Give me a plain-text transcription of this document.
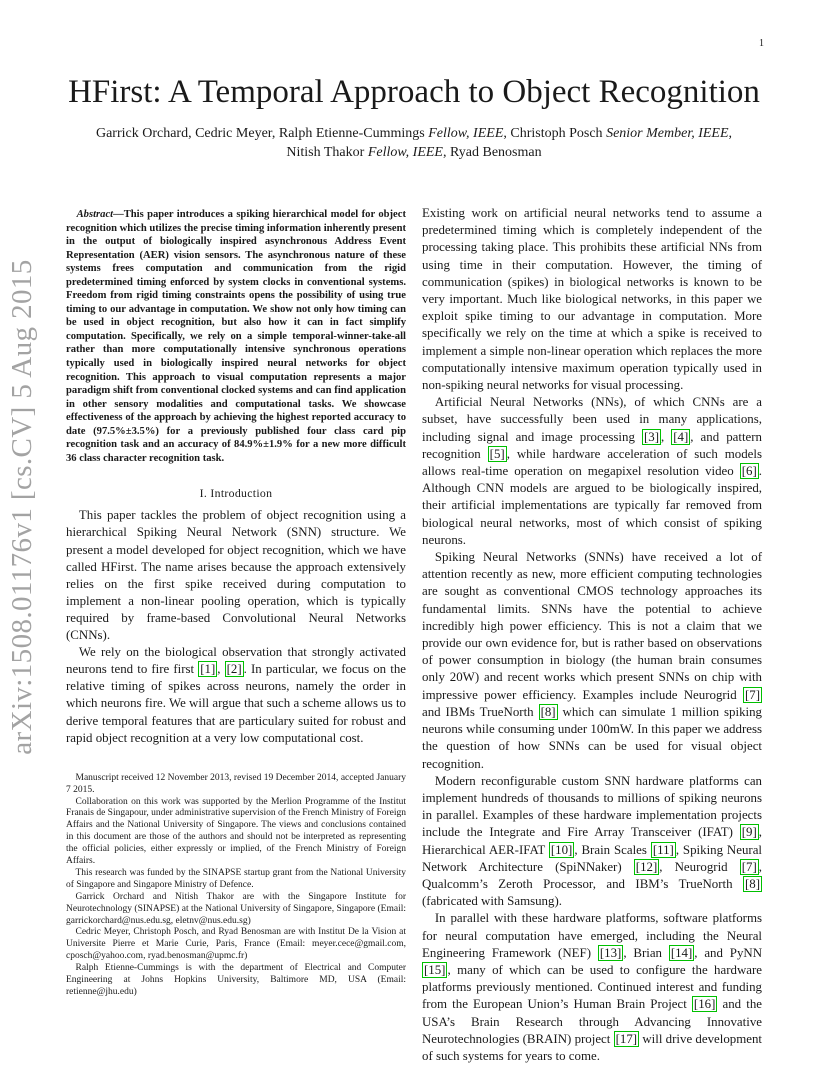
1
arXiv:1508.01176v1 [cs.CV] 5 Aug 2015
HFirst: A Temporal Approach to Object Recognition
Garrick Orchard, Cedric Meyer, Ralph Etienne-Cummings Fellow, IEEE, Christoph Posch Senior Member, IEEE,
Nitish Thakor Fellow, IEEE, Ryad Benosman

Abstract—This paper introduces a spiking hierarchical model for object recognition which utilizes the precise timing information inherently present in the output of biologically inspired asynchronous Address Event Representation (AER) vision sensors. The asynchronous nature of these systems frees computation and communication from the rigid predetermined timing enforced by system clocks in conventional systems. Freedom from rigid timing constraints opens the possibility of using true timing to our advantage in computation. We show not only how timing can be used in object recognition, but also how it can in fact simplify computation. Specifically, we rely on a simple temporal-winner-take-all rather than more computationally intensive synchronous operations typically used in biologically inspired neural networks for object recognition. This approach to visual computation represents a major paradigm shift from conventional clocked systems and can find application in other sensory modalities and computational tasks. We showcase effectiveness of the approach by achieving the highest reported accuracy to date (97.5%±3.5%) for a previously published four class card pip recognition task and an accuracy of 84.9%±1.9% for a new more difficult 36 class character recognition task.

I. Introduction

This paper tackles the problem of object recognition using a hierarchical Spiking Neural Network (SNN) structure. We present a model developed for object recognition, which we have called HFirst. The name arises because the approach extensively relies on the first spike received during computation to implement a non-linear pooling operation, which is typically required by frame-based Convolutional Neural Networks (CNNs).

We rely on the biological observation that strongly activated neurons tend to fire first [1] , [2] . In particular, we focus on the relative timing of spikes across neurons, namely the order in which neurons fire. We will argue that such a scheme allows us to derive temporal features that are particulary suited for robust and rapid object recognition at a very low computational cost.

Manuscript received 12 November 2013, revised 19 December 2014, accepted January 7 2015.

Collaboration on this work was supported by the Merlion Programme of the Institut Franais de Singapour, under administrative supervision of the French Ministry of Foreign Affairs and the National University of Singapore. The views and conclusions contained in this document are those of the authors and should not be interpreted as representing the official policies, either expressly or implied, of the French Ministry of Foreign Affairs.

This research was funded by the SINAPSE startup grant from the National University of Singapore and Singapore Ministry of Defence.

Garrick Orchard and Nitish Thakor are with the Singapore Institute for Neurotechnology (SINAPSE) at the National University of Singapore, Singapore (Email: garrickorchard@nus.edu.sg, eletnv@nus.edu.sg)

Cedric Meyer, Christoph Posch, and Ryad Benosman are with Institut De la Vision at Universite Pierre et Marie Curie, Paris, France (Email: meyer.cece@gmail.com, cposch@yahoo.com, ryad.benosman@upmc.fr)

Ralph Etienne-Cummings is with the department of Electrical and Computer Engineering at Johns Hopkins University, Baltimore MD, USA (Email: retienne@jhu.edu)

Existing work on artificial neural networks tend to assume a predetermined timing which is completely independent of the processing taking place. This prohibits these artificial NNs from using time in their computation. However, the timing of communication (spikes) in biological networks is known to be very important. Much like biological networks, in this paper we exploit spike timing to our advantage in computation. More specifically we rely on the time at which a spike is received to implement a simple non-linear operation which replaces the more computationally intensive maximum operation typically used in non-spiking neural networks for visual processing.

Artificial Neural Networks (NNs), of which CNNs are a subset, have successfully been used in many applications, including signal and image processing [3] , [4] , and pattern recognition [5] , while hardware acceleration of such models allows real-time operation on megapixel resolution video [6] . Although CNN models are argued to be biologically inspired, their artificial implementations are typically far removed from biological neural networks, most of which consist of spiking neurons.

Spiking Neural Networks (SNNs) have received a lot of attention recently as new, more efficient computing technologies are sought as conventional CMOS technology approaches its fundamental limits. SNNs have the potential to achieve incredibly high power efficiency. This is not a claim that we provide our own evidence for, but is rather based on observations of power consumption in biology (the human brain consumes only 20W) and recent works which present SNNs on chip with impressive power efficiency. Examples include Neurogrid [7] and IBMs TrueNorth [8] which can simulate 1 million spiking neurons while consuming under 100mW. In this paper we address the question of how SNNs can be used for visual object recognition.

Modern reconfigurable custom SNN hardware platforms can implement hundreds of thousands to millions of spiking neurons in parallel. Examples of these hardware implementation projects include the Integrate and Fire Array Transceiver (IFAT) [9] , Hierarchical AER-IFAT [10] , Brain Scales [11] , Spiking Neural Network Architecture (SpiNNaker) [12] , Neurogrid [7] , Qualcomm’s Zeroth Processor, and IBM’s TrueNorth [8] (fabricated with Samsung).

In parallel with these hardware platforms, software platforms for neural computation have emerged, including the Neural Engineering Framework (NEF) [13] , Brian [14] , and PyNN [15] , many of which can be used to configure the hardware platforms previously mentioned. Continued interest and funding from the European Union’s Human Brain Project [16] and the USA’s Brain Research through Advancing Innovative Neurotechnologies (BRAIN) project [17] will drive development of such systems for years to come.
